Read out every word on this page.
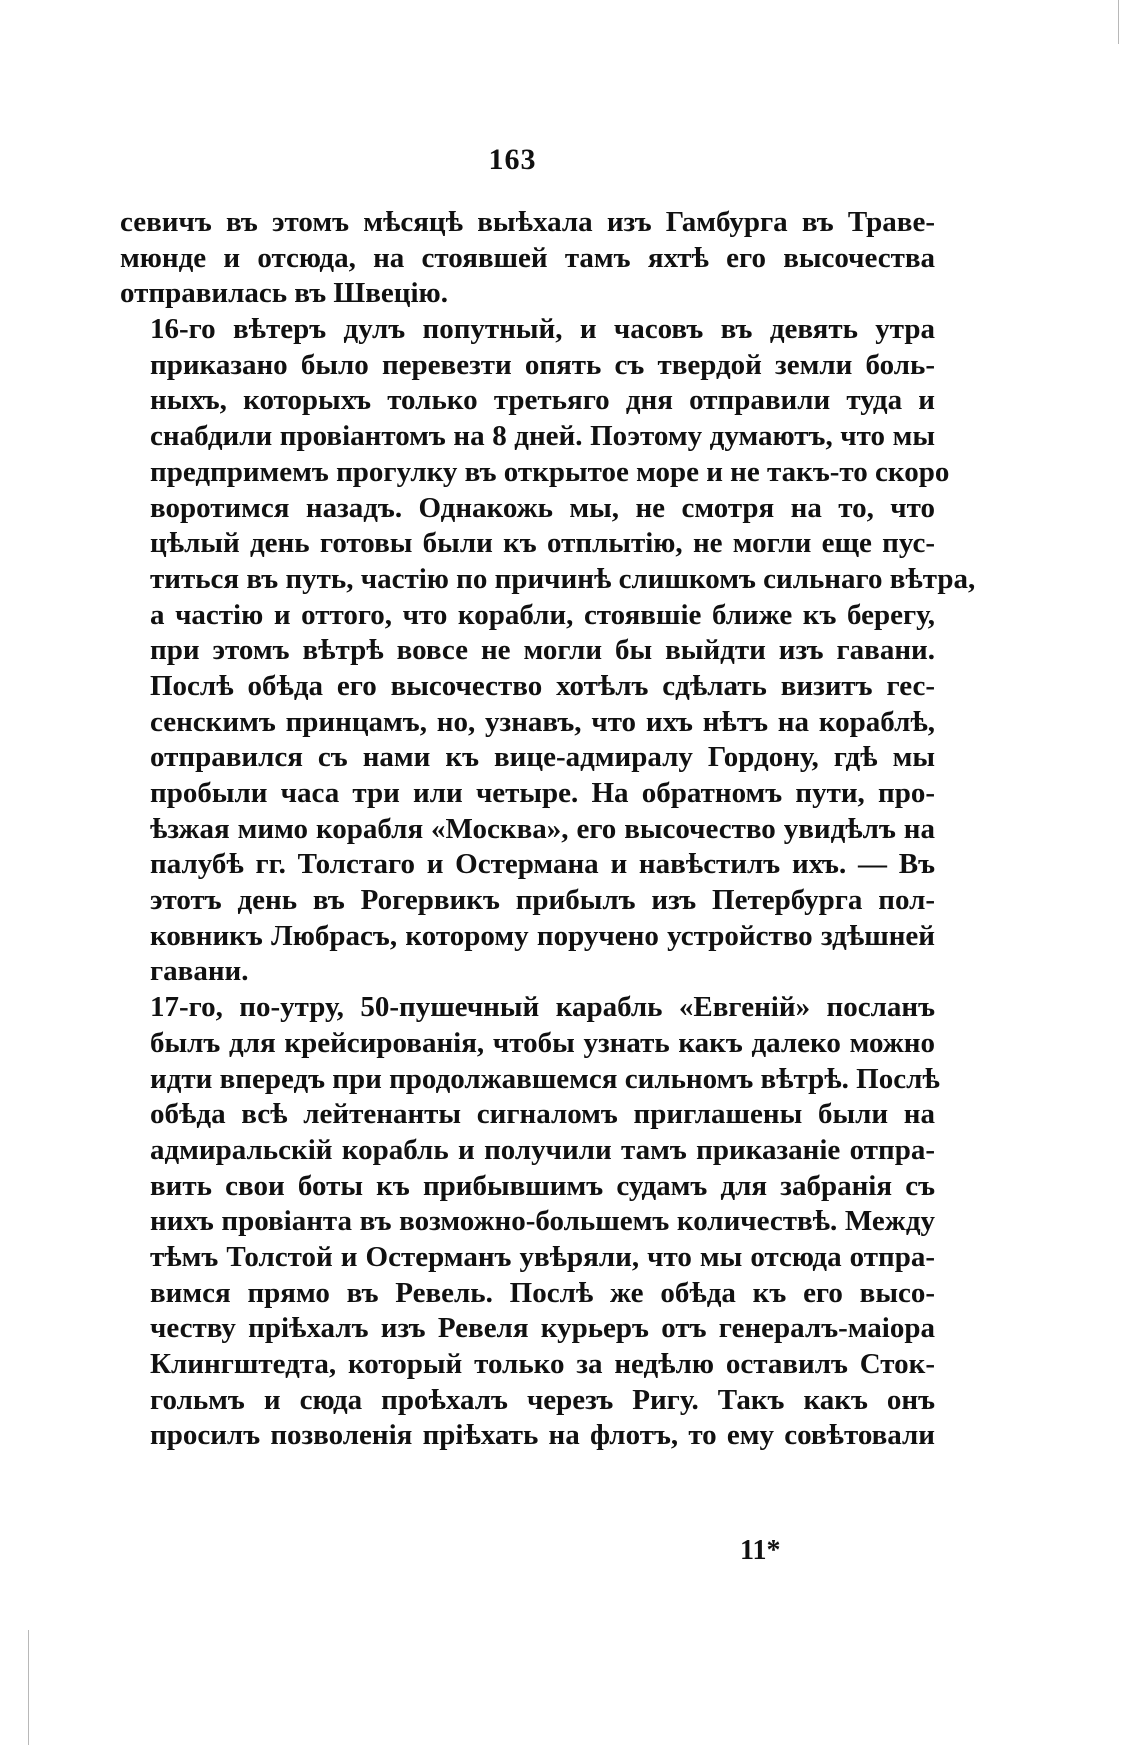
163
севичъ въ этомъ мѣсяцѣ выѣхала изъ Гамбурга въ Траве-
мюнде и отсюда, на стоявшей тамъ яхтѣ его высочества
отправилась въ Швецію.
16-го вѣтеръ дулъ попутный, и часовъ въ девять утра
приказано было перевезти опять съ твердой земли боль-
ныхъ, которыхъ только третьяго дня отправили туда и
снабдили провіантомъ на 8 дней. Поэтому думаютъ, что мы
предпримемъ прогулку въ открытое море и не такъ-то скоро
воротимся назадъ. Однакожь мы, не смотря на то, что
цѣлый день готовы были къ отплытію, не могли еще пус-
титься въ путь, частію по причинѣ слишкомъ сильнаго вѣтра,
а частію и оттого, что корабли, стоявшіе ближе къ берегу,
при этомъ вѣтрѣ вовсе не могли бы выйдти изъ гавани.
Послѣ обѣда его высочество хотѣлъ сдѣлать визитъ гес-
сенскимъ принцамъ, но, узнавъ, что ихъ нѣтъ на кораблѣ,
отправился съ нами къ вице-адмиралу Гордону, гдѣ мы
пробыли часа три или четыре. На обратномъ пути, про-
ѣзжая мимо корабля «Москва», его высочество увидѣлъ на
палубѣ гг. Толстаго и Остермана и навѣстилъ ихъ. — Въ
этотъ день въ Рогервикъ прибылъ изъ Петербурга пол-
ковникъ Любрасъ, которому поручено устройство здѣшней
гавани.
17-го, по-утру, 50-пушечный карабль «Евгеній» посланъ
былъ для крейсированія, чтобы узнать какъ далеко можно
идти впередъ при продолжавшемся сильномъ вѣтрѣ. Послѣ
обѣда всѣ лейтенанты сигналомъ приглашены были на
адмиральскій корабль и получили тамъ приказаніе отпра-
вить свои боты къ прибывшимъ судамъ для забранія съ
нихъ провіанта въ возможно-большемъ количествѣ. Между
тѣмъ Толстой и Остерманъ увѣряли, что мы отсюда отпра-
вимся прямо въ Ревель. Послѣ же обѣда къ его высо-
честву пріѣхалъ изъ Ревеля курьеръ отъ генералъ-маіора
Клингштедта, который только за недѣлю оставилъ Сток-
гольмъ и сюда проѣхалъ черезъ Ригу. Такъ какъ онъ
просилъ позволенія пріѣхать на флотъ, то ему совѣтовали
11*
